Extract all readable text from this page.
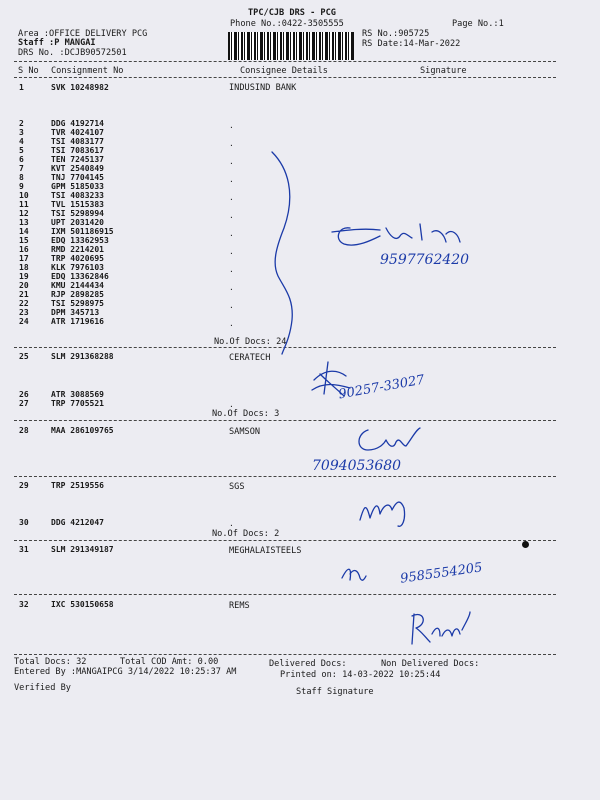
TPC/CJB DRS - PCG
Phone No.:0422-3505555	Page No.:1
Area :OFFICE DELIVERY PCG
Staff :P MANGAI
DRS No. :DCJB90572501
RS No.:905725
RS Date:14-Mar-2022
S No Consignment No	Consignee Details	Signature
1	SVK 10248982	INDUSIND BANK
2	DDG 4192714
3	TVR 4024107
4	TSI 4083177
5	TSI 7083617
6	TEN 7245137
7	KVT 2540849
8	TNJ 7704145
9	GPM 5185033
10	TSI 4083233
11	TVL 1515383
12	TSI 5298994
13	UPT 2031420
14	IXM 501186915
15	EDQ 13362953
16	RMD 2214201
17	TRP 4020695
18	KLK 7976103
19	EDQ 13362846
20	KMU 2144434
21	RJP 2898285
22	TSI 5298975
23	DPM 345713
24	ATR 1719616
.
.
.
.
.
.
.
.
.
.
.
.
No.Of Docs: 24
9597762420
25	SLM 291368288	CERATECH
26	ATR 3088569
27	TRP 7705521	.
No.Of Docs: 3
90257-33027
28	MAA 286109765	SAMSON
7094053680
29	TRP 2519556	SGS
30	DDG 4212047	.
No.Of Docs: 2
31	SLM 291349187	MEGHALAISTEELS
9585554205
32	IXC 530150658	REMS
Total Docs: 32	Total COD Amt: 0.00	Delivered Docs:	Non Delivered Docs:
Entered By :MANGAIPCG 3/14/2022 10:25:37 AM	Printed on: 14-03-2022 10:25:44
Verified By	Staff Signature
